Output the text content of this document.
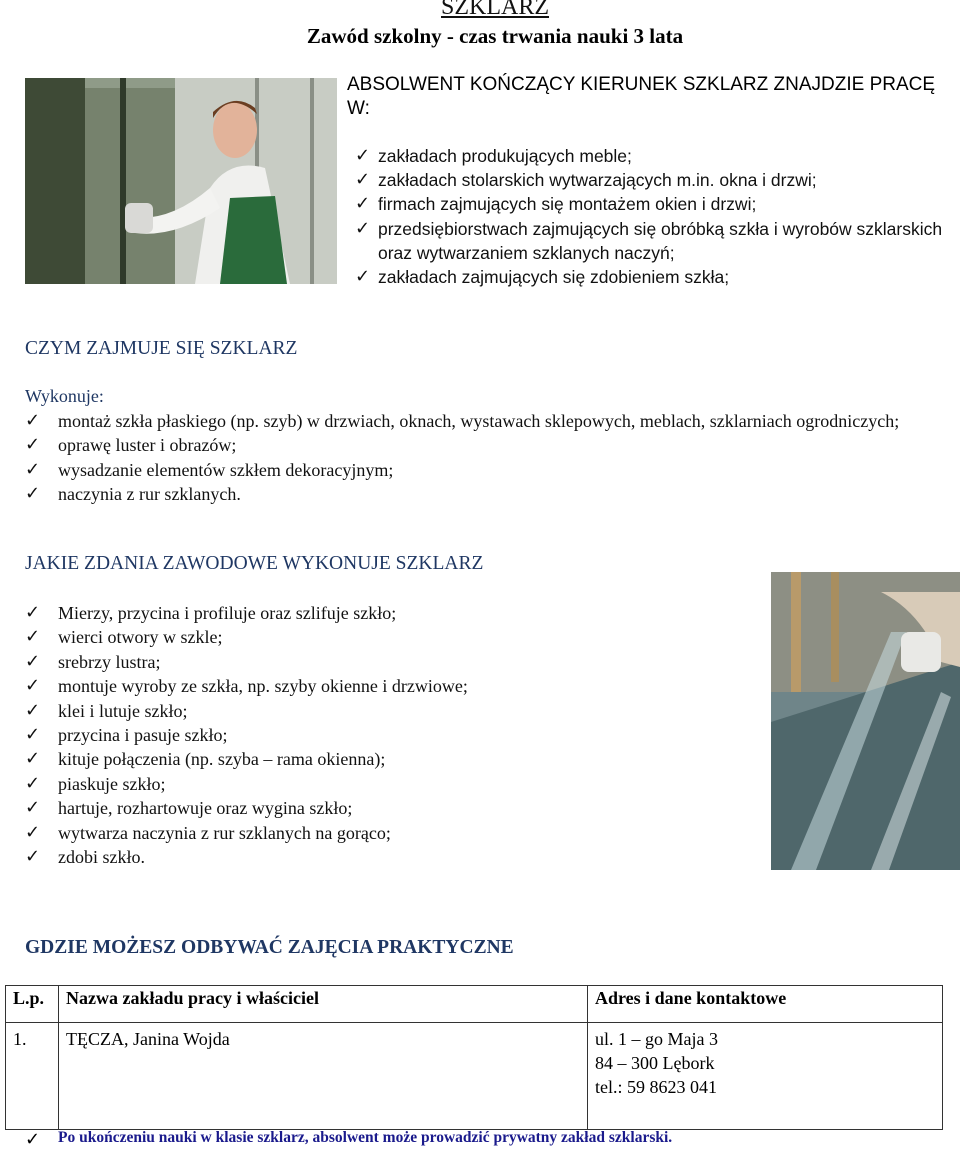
SZKLARZ
Zawód szkolny - czas trwania nauki 3 lata
ABSOLWENT KOŃCZĄCY KIERUNEK SZKLARZ ZNAJDZIE PRACĘ W:
✓ zakładach produkujących meble;
✓ zakładach stolarskich wytwarzających m.in. okna i drzwi;
✓ firmach zajmujących się montażem okien i drzwi;
✓ przedsiębiorstwach zajmujących się obróbką szkła i wyrobów szklarskich oraz wytwarzaniem szklanych naczyń;
✓ zakładach zajmujących się zdobieniem szkła;
CZYM ZAJMUJE SIĘ SZKLARZ
Wykonuje:
✓ montaż szkła płaskiego (np. szyb) w drzwiach, oknach, wystawach sklepowych, meblach, szklarniach ogrodniczych;
✓ oprawę luster i obrazów;
✓ wysadzanie elementów szkłem dekoracyjnym;
✓ naczynia z rur szklanych.
JAKIE ZDANIA ZAWODOWE WYKONUJE SZKLARZ
✓ Mierzy, przycina i profiluje oraz szlifuje szkło;
✓ wierci otwory w szkle;
✓ srebrzy lustra;
✓ montuje wyroby ze szkła, np. szyby okienne i drzwiowe;
✓ klei i lutuje szkło;
✓ przycina i pasuje szkło;
✓ kituje połączenia (np. szyba – rama okienna);
✓ piaskuje szkło;
✓ hartuje, rozhartowuje oraz wygina szkło;
✓ wytwarza naczynia z rur szklanych na gorąco;
✓ zdobi szkło.
GDZIE MOŻESZ ODBYWAĆ ZAJĘCIA PRAKTYCZNE
L.p.	Nazwa zakładu pracy i właściciel	Adres i dane kontaktowe
1.	TĘCZA, Janina Wojda	ul. 1 – go Maja 3
84 – 300 Lębork
tel.: 59 8623 041
✓	Po ukończeniu nauki w klasie szklarz, absolwent może prowadzić prywatny zakład szklarski.
